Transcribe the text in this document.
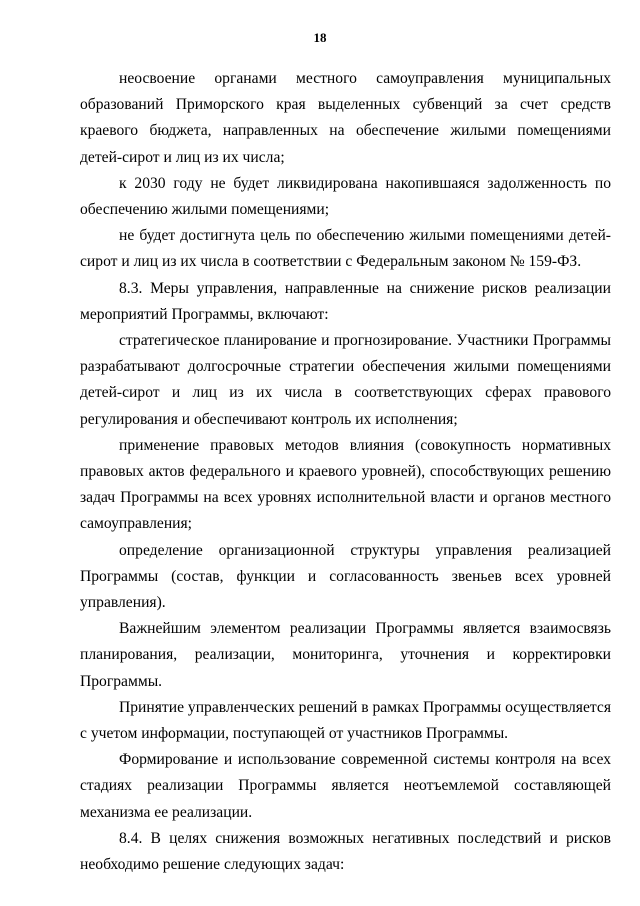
18

неосвоение органами местного самоуправления муниципальных образований Приморского края выделенных субвенций за счет средств краевого бюджета, направленных на обеспечение жилыми помещениями детей-сирот и лиц из их числа;

к 2030 году не будет ликвидирована накопившаяся задолженность по обеспечению жилыми помещениями;

не будет достигнута цель по обеспечению жилыми помещениями детей-сирот и лиц из их числа в соответствии с Федеральным законом № 159-ФЗ.

8.3. Меры управления, направленные на снижение рисков реализации мероприятий Программы, включают:

стратегическое планирование и прогнозирование. Участники Программы разрабатывают долгосрочные стратегии обеспечения жилыми помещениями детей-сирот и лиц из их числа в соответствующих сферах правового регулирования и обеспечивают контроль их исполнения;

применение правовых методов влияния (совокупность нормативных правовых актов федерального и краевого уровней), способствующих решению задач Программы на всех уровнях исполнительной власти и органов местного самоуправления;

определение организационной структуры управления реализацией Программы (состав, функции и согласованность звеньев всех уровней управления).

Важнейшим элементом реализации Программы является взаимосвязь планирования, реализации, мониторинга, уточнения и корректировки Программы.

Принятие управленческих решений в рамках Программы осуществляется с учетом информации, поступающей от участников Программы.

Формирование и использование современной системы контроля на всех стадиях реализации Программы является неотъемлемой составляющей механизма ее реализации.

8.4. В целях снижения возможных негативных последствий и рисков необходимо решение следующих задач:
